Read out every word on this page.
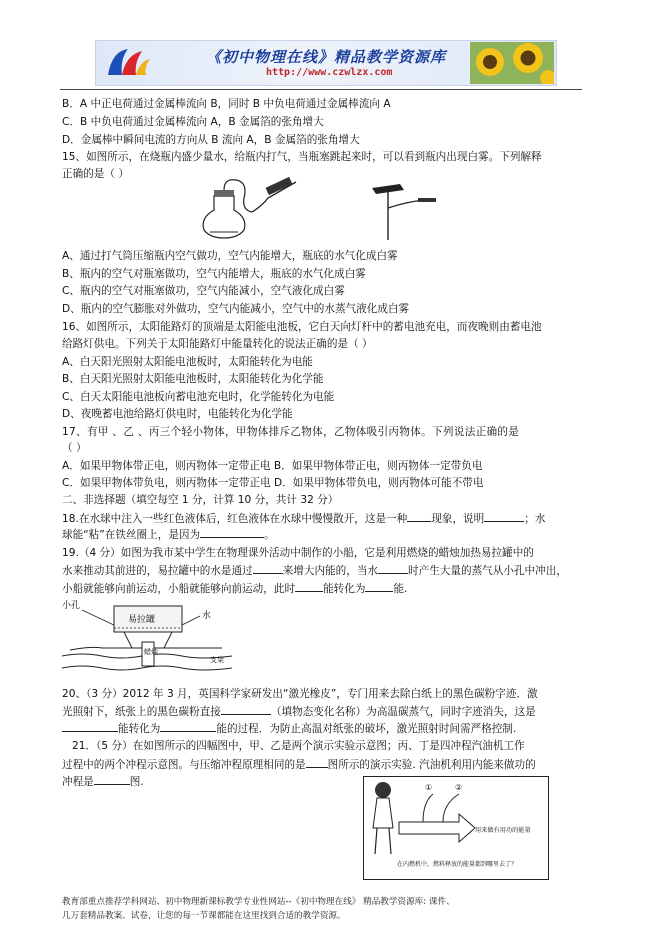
《初中物理在线》精品教学资源库
http://www.czwlzx.com
B．A 中正电荷通过金属棒流向 B，同时 B 中负电荷通过金属棒流向 A
C．B 中负电荷通过金属棒流向 A，B 金属箔的张角增大
D．金属棒中瞬间电流的方向从 B 流向 A，B 金属箔的张角增大
15、如图所示，在烧瓶内盛少量水，给瓶内打气，当瓶塞跳起来时，可以看到瓶内出现白雾。下列解释
正确的是（ ）
A、通过打气筒压缩瓶内空气做功，空气内能增大，瓶底的水气化成白雾
B、瓶内的空气对瓶塞做功，空气内能增大，瓶底的水气化成白雾
C、瓶内的空气对瓶塞做功，空气内能减小，空气液化成白雾
D、瓶内的空气膨胀对外做功，空气内能减小，空气中的水蒸气液化成白雾
16、如图所示，太阳能路灯的顶端是太阳能电池板，它白天向灯杆中的蓄电池充电，而夜晚则由蓄电池
给路灯供电。下列关于太阳能路灯中能量转化的说法正确的是（ ）
A、白天阳光照射太阳能电池板时，太阳能转化为电能
B、白天阳光照射太阳能电池板时，太阳能转化为化学能
C、白天太阳能电池板向蓄电池充电时，化学能转化为电能
D、夜晚蓄电池给路灯供电时，电能转化为化学能
17、有甲 、乙 、丙三个轻小物体，甲物体排斥乙物体，乙物体吸引丙物体。下列说法正确的是
（ ）
A．如果甲物体带正电，则丙物体一定带正电 B．如果甲物体带正电，则丙物体一定带负电
C．如果甲物体带负电，则丙物体一定带正电 D．如果甲物体带负电，则丙物体可能不带电
二、非选择题（填空每空 1 分，计算 10 分，共计 32 分）
18.在水球中注入一些红色液体后，红色液体在水球中慢慢散开，这是一种 现象，说明	；水
球能“粘”在铁丝圈上，是因为	。
19.（4 分）如图为我市某中学生在物理课外活动中制作的小船，它是利用燃烧的蜡烛加热易拉罐中的
水来推动其前进的，易拉罐中的水是通过	来增大内能的，当水	时产生大量的蒸气从小孔中冲出，
小船就能够向前运动，小船就能够向前运动，此时	能转化为	能.
小孔
水
易拉罐
蜡烛
支架
20、（3 分）2012 年 3 月，英国科学家研发出“激光橡皮”，专门用来去除白纸上的黑色碳粉字迹．激
光照射下，纸张上的黑色碳粉直接	（填物态变化名称）为高温碳蒸气，同时字迹消失，这是
能转化为	能的过程．为防止高温对纸张的破坏，激光照射时间需严格控制.
21．（5 分）在如图所示的四幅图中，甲、乙是两个演示实验示意图；丙、丁是四冲程汽油机工作
过程中的两个冲程示意图。与压缩冲程原理相同的是 图所示的演示实验. 汽油机利用内能来做功的
冲程是	图.	①	②
用来做有用功的能量
在内燃机中，燃料释放的能量都到哪里去了？
教育部重点推荐学科网站、初中物理新课标教学专业性网站--《初中物理在线》 精品教学资源库: 课件、
几万套精品教案、试卷，让您的每一节课都能在这里找到合适的教学资源。
